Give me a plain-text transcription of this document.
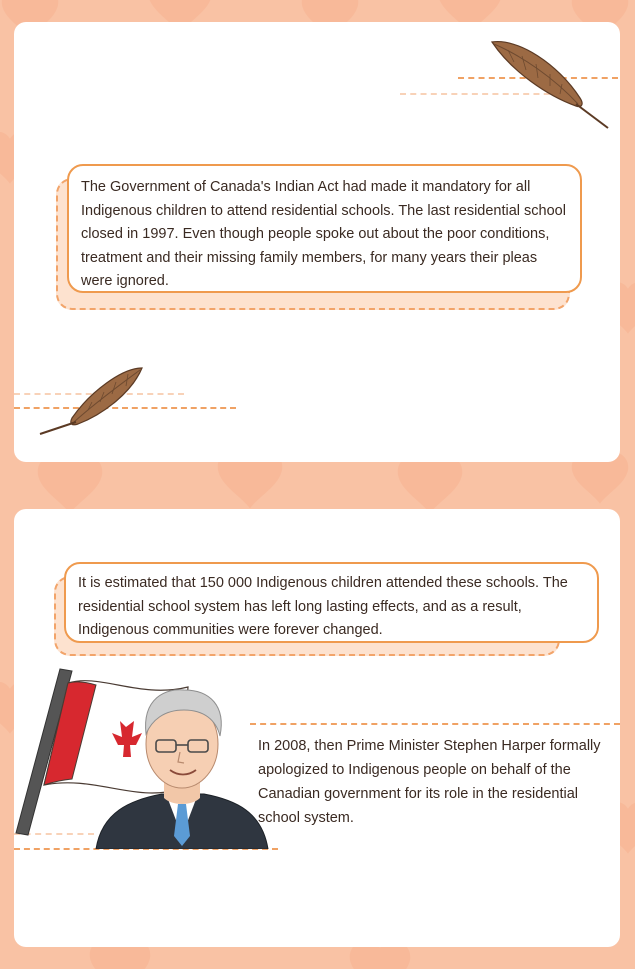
The Government of Canada's Indian Act had made it mandatory for all Indigenous children to attend residential schools. The last residential school closed in 1997. Even though people spoke out about the poor conditions, treatment and their missing family members, for many years their pleas were ignored.
It is estimated that 150 000 Indigenous children attended these schools. The residential school system has left long lasting effects, and as a result, Indigenous communities were forever changed.
In 2008, then Prime Minister Stephen Harper formally apologized to Indigenous people on behalf of the Canadian government for its role in the residential school system.
